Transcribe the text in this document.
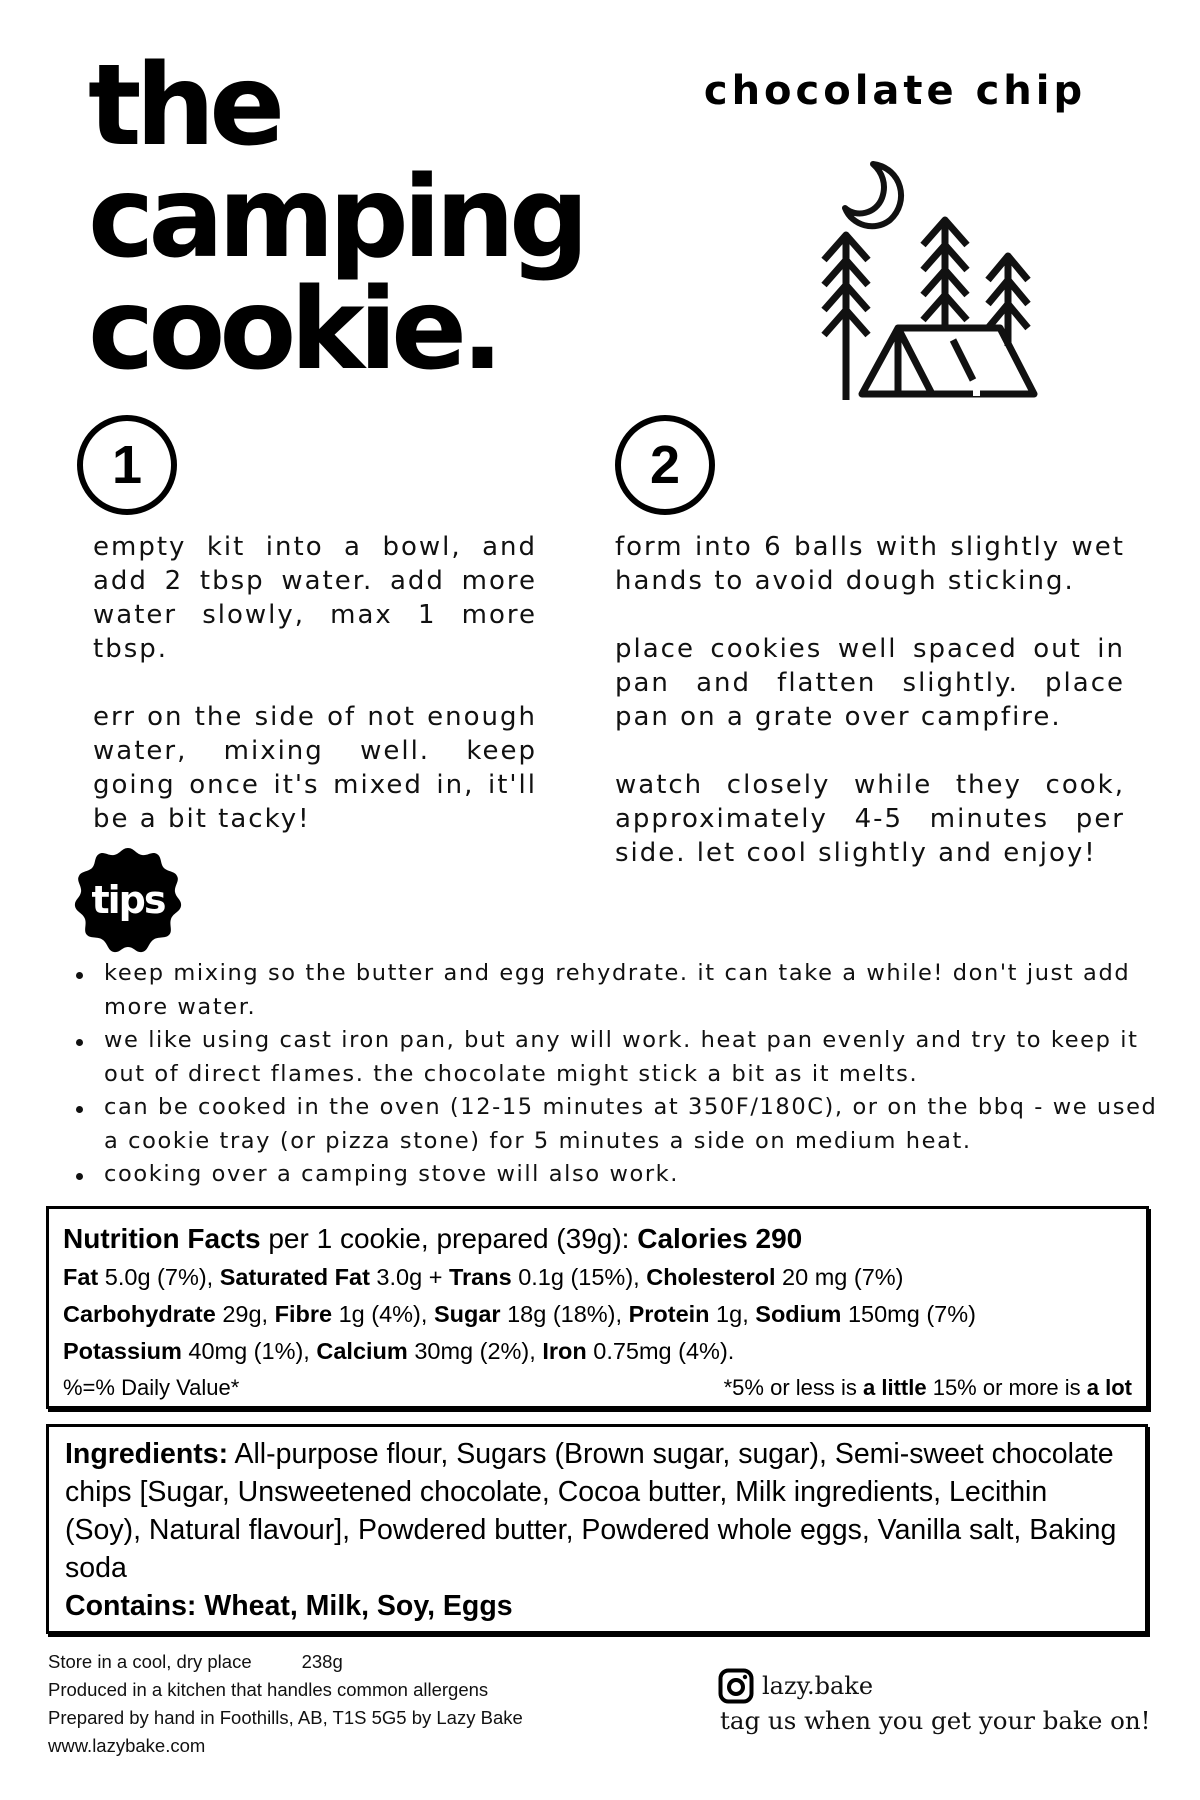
the
camping
cookie.
chocolate chip
1

empty kit into a bowl, and add 2 tbsp water. add more water slowly, max 1 more tbsp.

err on the side of not enough water, mixing well. keep going once it's mixed in, it'll be a bit tacky!

2

form into 6 balls with slightly wet hands to avoid dough sticking.

place cookies well spaced out in pan and flatten slightly. place pan on a grate over campfire.

watch closely while they cook, approximately 4-5 minutes per side. let cool slightly and enjoy!

tips
keep mixing so the butter and egg rehydrate. it can take a while! don't just add more water.
we like using cast iron pan, but any will work. heat pan evenly and try to keep it out of direct flames. the chocolate might stick a bit as it melts.
can be cooked in the oven (12-15 minutes at 350F/180C), or on the bbq - we used a cookie tray (or pizza stone) for 5 minutes a side on medium heat.
cooking over a camping stove will also work.
Nutrition Facts per 1 cookie, prepared (39g): Calories 290
Fat 5.0g (7%), Saturated Fat 3.0g + Trans 0.1g (15%), Cholesterol 20 mg (7%)
Carbohydrate 29g, Fibre 1g (4%), Sugar 18g (18%), Protein 1g, Sodium 150mg (7%)
Potassium 40mg (1%), Calcium 30mg (2%), Iron 0.75mg (4%).
%=% Daily Value*	*5% or less is a little 15% or more is a lot
Ingredients: All-purpose flour, Sugars (Brown sugar, sugar), Semi-sweet chocolate chips [Sugar, Unsweetened chocolate, Cocoa butter, Milk ingredients, Lecithin (Soy), Natural flavour], Powdered butter, Powdered whole eggs, Vanilla salt, Baking soda
Contains: Wheat, Milk, Soy, Eggs
Store in a cool, dry place	238g
Produced in a kitchen that handles common allergens
Prepared by hand in Foothills, AB, T1S 5G5 by Lazy Bake
www.lazybake.com
lazy.bake
tag us when you get your bake on!
